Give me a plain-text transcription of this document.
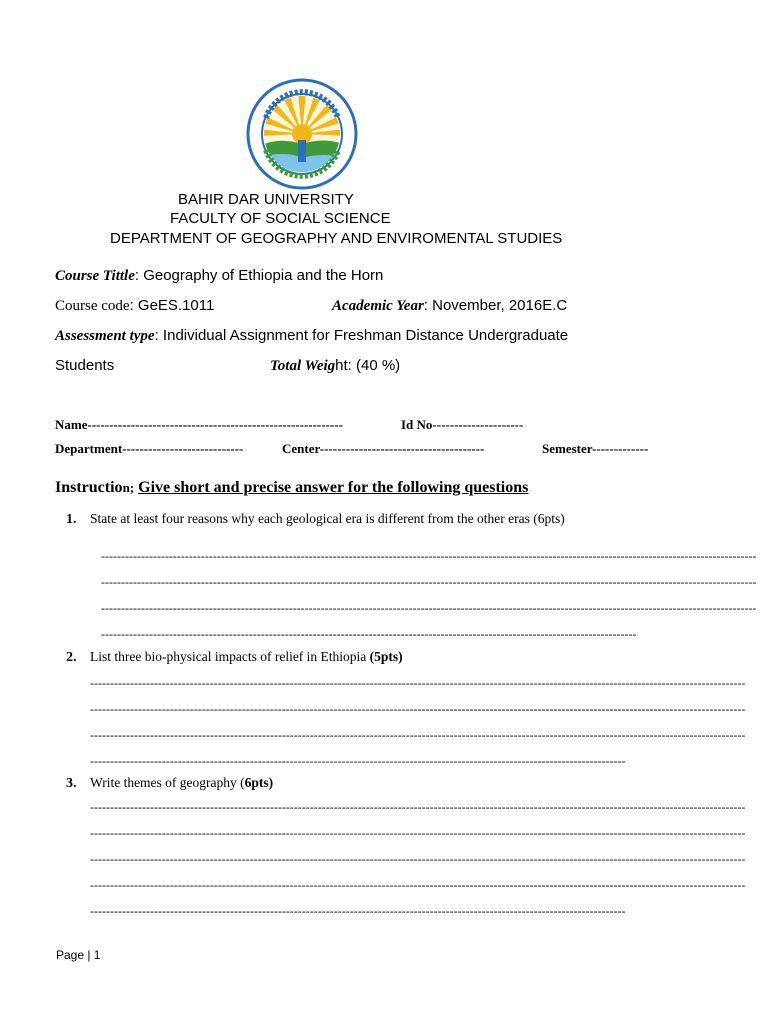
BAHIR DAR UNIVERSITY
FACULTY OF SOCIAL SCIENCE
DEPARTMENT OF GEOGRAPHY AND ENVIROMENTAL STUDIES
Course Tittle: Geography of Ethiopia and the Horn
Course code: GeES.1011	Academic Year: November, 2016E.C
Assessment type: Individual Assignment for Freshman Distance Undergraduate
Students	Total Weight: (40 %)
Name-----------------------------------------------------------	Id No---------------------
Department----------------------------	Center--------------------------------------	Semester-------------
Instruction; Give short and precise answer for the following questions
1. State at least four reasons why each geological era is different from the other eras (6pts)
--------------------------------------------------------------------------------------------------------------------------------------------------------------------
--------------------------------------------------------------------------------------------------------------------------------------------------------------------
--------------------------------------------------------------------------------------------------------------------------------------------------------------------
--------------------------------------------------------------------------------------------------------------------------------------
2. List three bio-physical impacts of relief in Ethiopia (5pts)
--------------------------------------------------------------------------------------------------------------------------------------------------------------------
--------------------------------------------------------------------------------------------------------------------------------------------------------------------
--------------------------------------------------------------------------------------------------------------------------------------------------------------------
--------------------------------------------------------------------------------------------------------------------------------------
3. Write themes of geography (6pts)
--------------------------------------------------------------------------------------------------------------------------------------------------------------------
--------------------------------------------------------------------------------------------------------------------------------------------------------------------
--------------------------------------------------------------------------------------------------------------------------------------------------------------------
--------------------------------------------------------------------------------------------------------------------------------------------------------------------
--------------------------------------------------------------------------------------------------------------------------------------
Page | 1
